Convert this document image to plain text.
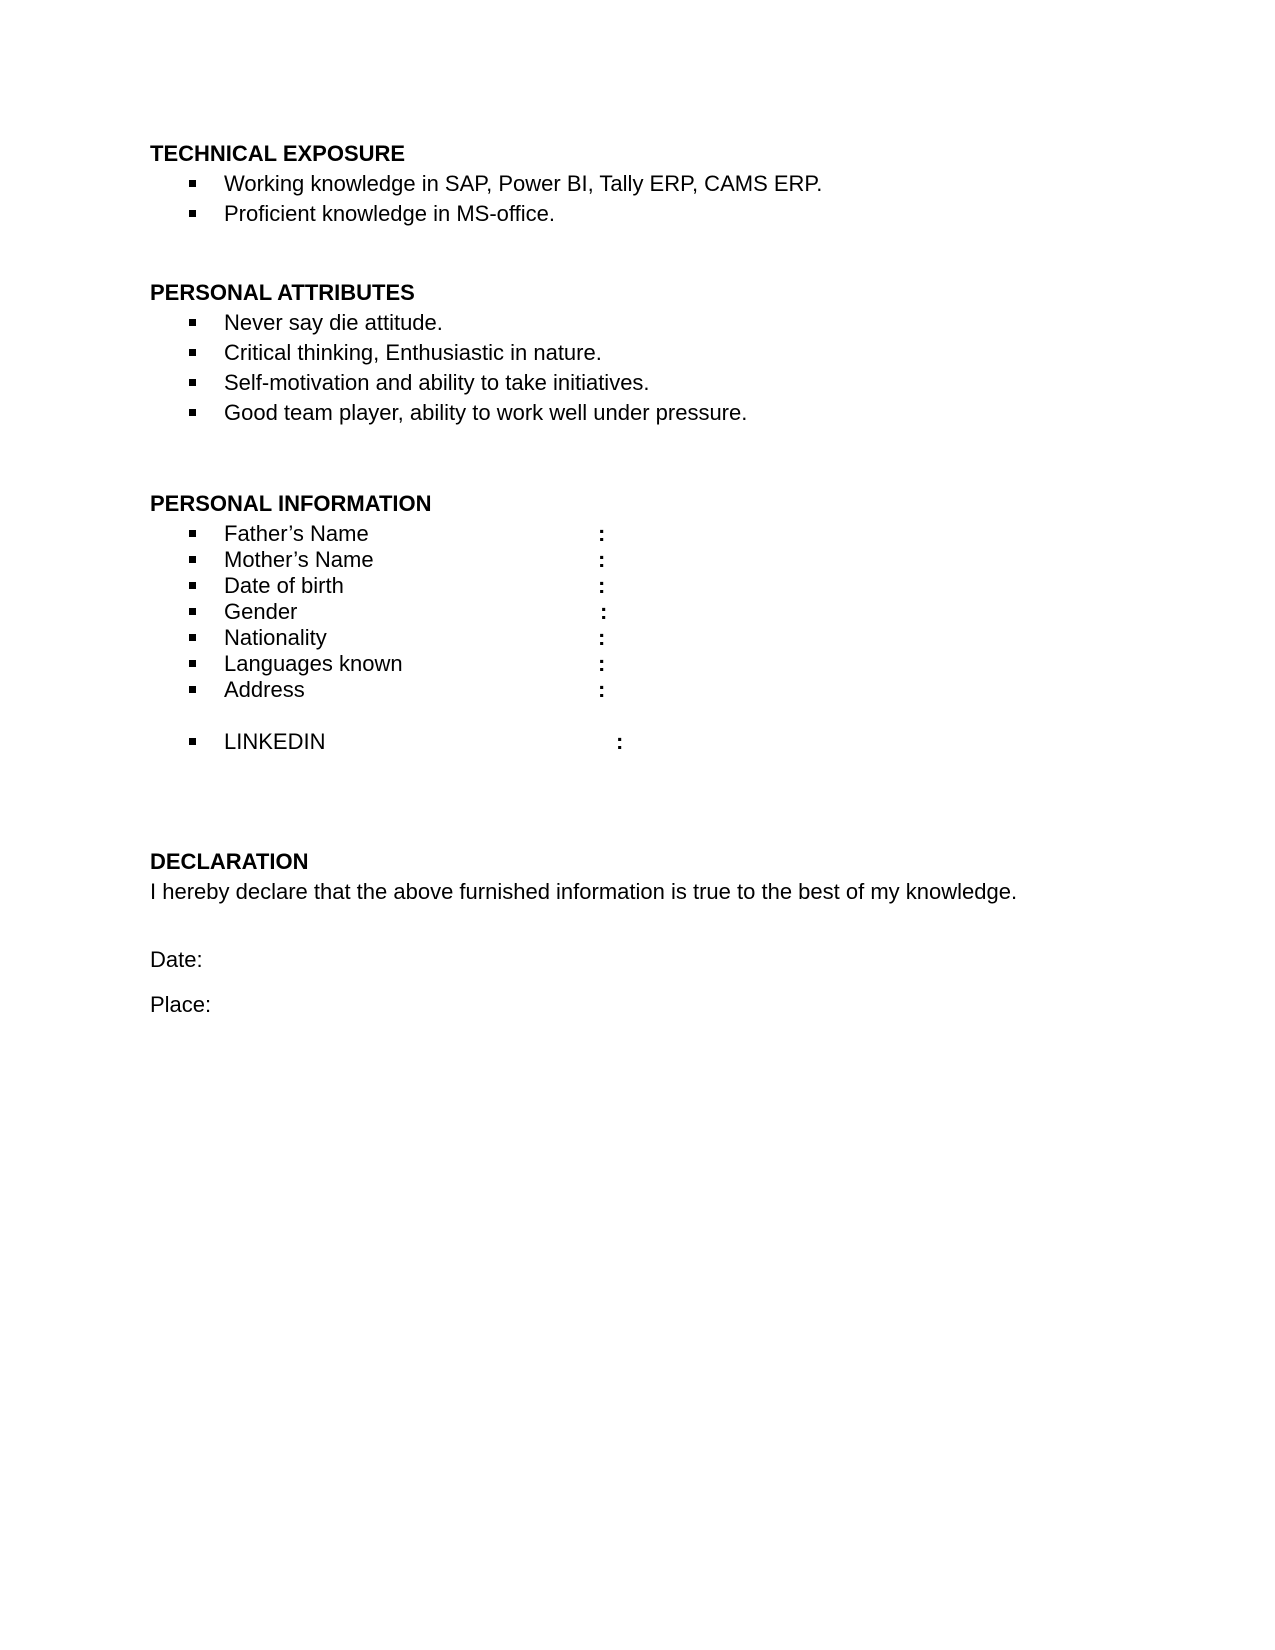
TECHNICAL EXPOSURE
Working knowledge in SAP, Power BI, Tally ERP, CAMS ERP.
Proficient knowledge in MS-office.
PERSONAL ATTRIBUTES
Never say die attitude.
Critical thinking, Enthusiastic in nature.
Self-motivation and ability to take initiatives.
Good team player, ability to work well under pressure.
PERSONAL INFORMATION
Father’s Name	:
Mother’s Name	:
Date of birth	:
Gender	:
Nationality	:
Languages known	:
Address	:
LINKEDIN	:
DECLARATION
I hereby declare that the above furnished information is true to the best of my knowledge.
Date:
Place:
